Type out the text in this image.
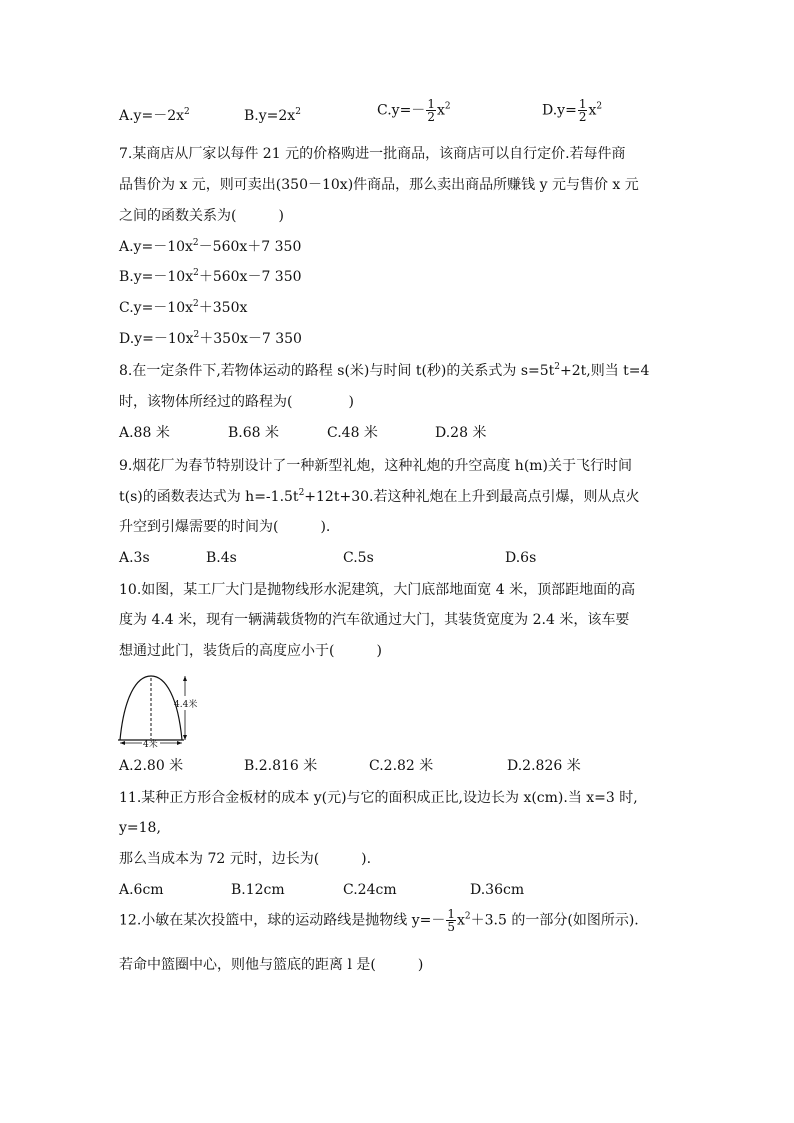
$A.y=-2x^2$	$B.y=2x^2$	$C.y=- \frac{1}{2} x^2$	$D.y= \frac{1}{2} x^2$
7.某商店从厂家以每件 21 元的价格购进一批商品，该商店可以自行定价.若每件商
品售价为 x 元，则可卖出(350－10x)件商品，那么卖出商品所赚钱 y 元与售价 x 元
之间的函数关系为(　　　)
$A.y=-10x^2-560x+7$ 350
$B.y=-10x^2+560x-7$ 350
$C.y=-10x^2+350x$
$D.y=-10x^2+350x-7$ 350
8.在一定条件下,若物体运动的路程 s(米)与时间 t(秒)的关系式为 $s=5t^2+2t$,则当 t=4
时，该物体所经过的路程为(　　　　)
A.88 米	B.68 米	C.48 米	D.28 米
9.烟花厂为春节特别设计了一种新型礼炮，这种礼炮的升空高度 h(m)关于飞行时间
t(s)的函数表达式为 $h=-1.5t^2+12t+30$.若这种礼炮在上升到最高点引爆，则从点火
升空到引爆需要的时间为(　　　).
A.3s	B.4s	C.5s	D.6s
10.如图，某工厂大门是抛物线形水泥建筑，大门底部地面宽 4 米，顶部距地面的高
度为 4.4 米，现有一辆满载货物的汽车欲通过大门，其装货宽度为 2.4 米，该车要
想通过此门，装货后的高度应小于(　　　)
4.4米
4米
A.2.80 米	B.2.816 米	C.2.82 米	D.2.826 米
11.某种正方形合金板材的成本 y(元)与它的面积成正比,设边长为 x(cm).当 x=3 时,
y=18,
那么当成本为 72 元时，边长为(　　　).
A.6cm	B.12cm	C.24cm	D.36cm
12.小敏在某次投篮中，球的运动路线是抛物线 $y=- \frac{1}{5} x^2+3.5$ 的一部分(如图所示).
若命中篮圈中心，则他与篮底的距离 l 是(　　　)
